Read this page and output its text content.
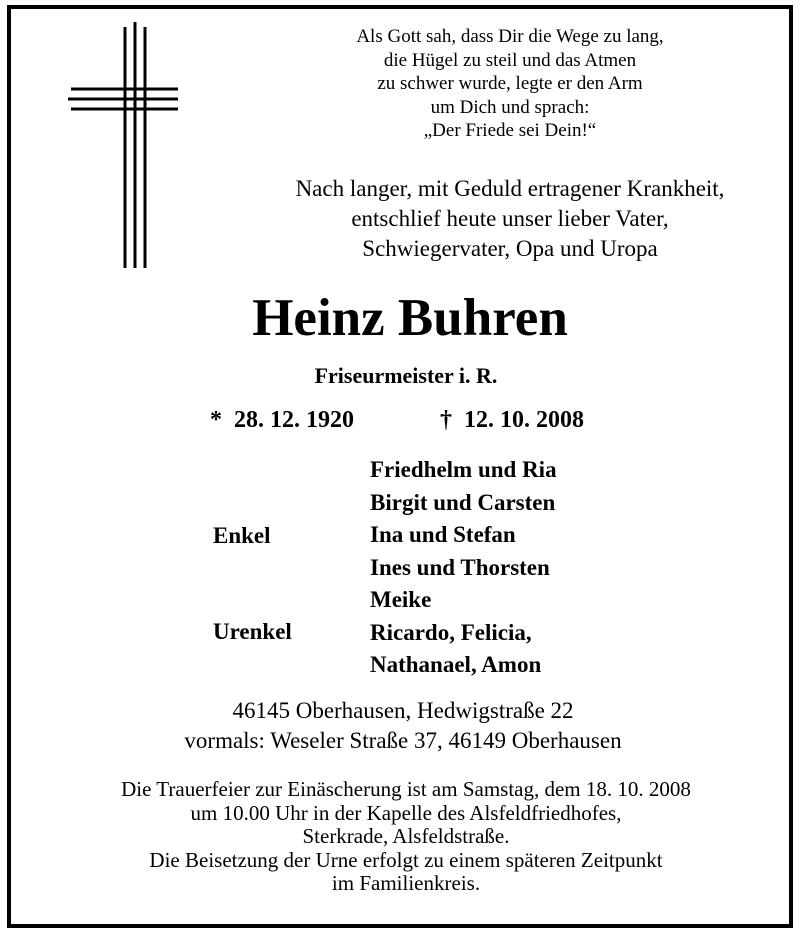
Als Gott sah, dass Dir die Wege zu lang,
die Hügel zu steil und das Atmen
zu schwer wurde, legte er den Arm
um Dich und sprach:
„Der Friede sei Dein!“
Nach langer, mit Geduld ertragener Krankheit,
entschlief heute unser lieber Vater,
Schwiegervater, Opa und Uropa
Heinz Buhren
Friseurmeister i. R.
* 28. 12. 1920	† 12. 10. 2008
Enkel
Urenkel
Friedhelm und Ria
Birgit und Carsten
Ina und Stefan
Ines und Thorsten
Meike
Ricardo, Felicia,
Nathanael, Amon
46145 Oberhausen, Hedwigstraße 22
vormals: Weseler Straße 37, 46149 Oberhausen
Die Trauerfeier zur Einäscherung ist am Samstag, dem 18. 10. 2008
um 10.00 Uhr in der Kapelle des Alsfeldfriedhofes,
Sterkrade, Alsfeldstraße.
Die Beisetzung der Urne erfolgt zu einem späteren Zeitpunkt
im Familienkreis.
